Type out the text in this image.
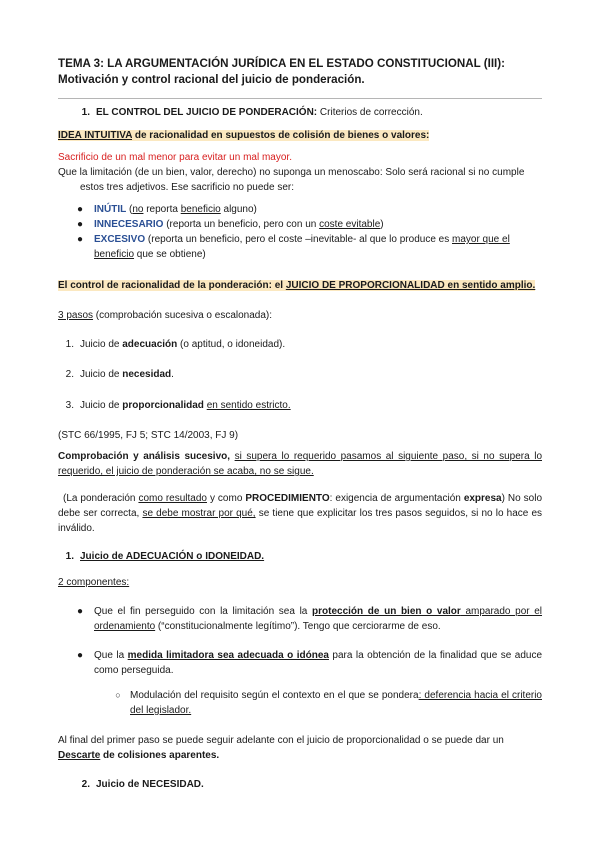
TEMA 3: LA ARGUMENTACIÓN JURÍDICA EN EL ESTADO CONSTITUCIONAL (III):
Motivación y control racional del juicio de ponderación.
1. EL CONTROL DEL JUICIO DE PONDERACIÓN: Criterios de corrección.
IDEA INTUITIVA de racionalidad en supuestos de colisión de bienes o valores:
Sacrificio de un mal menor para evitar un mal mayor.
Que la limitación (de un bien, valor, derecho) no suponga un menoscabo: Solo será racional si no cumple estos tres adjetivos. Ese sacrificio no puede ser:
● INÚTIL (no reporta beneficio alguno)
● INNECESARIO (reporta un beneficio, pero con un coste evitable)
● EXCESIVO (reporta un beneficio, pero el coste –inevitable- al que lo produce es mayor que el beneficio que se obtiene)
El control de racionalidad de la ponderación: el JUICIO DE PROPORCIONALIDAD en sentido amplio.
3 pasos (comprobación sucesiva o escalonada):
1. Juicio de adecuación (o aptitud, o idoneidad).
2. Juicio de necesidad.
3. Juicio de proporcionalidad en sentido estricto.
(STC 66/1995, FJ 5; STC 14/2003, FJ 9)
Comprobación y análisis sucesivo, si supera lo requerido pasamos al siguiente paso, si no supera lo requerido, el juicio de ponderación se acaba, no se sigue.
(La ponderación como resultado y como PROCEDIMIENTO: exigencia de argumentación expresa) No solo debe ser correcta, se debe mostrar por qué, se tiene que explicitar los tres pasos seguidos, si no lo hace es inválido.
1. Juicio de ADECUACIÓN o IDONEIDAD.
2 componentes:
● Que el fin perseguido con la limitación sea la protección de un bien o valor amparado por el ordenamiento (“constitucionalmente legítimo”). Tengo que cerciorarme de eso.
● Que la medida limitadora sea adecuada o idónea para la obtención de la finalidad que se aduce como perseguida.
○ Modulación del requisito según el contexto en el que se pondera: deferencia hacia el criterio del legislador.
Al final del primer paso se puede seguir adelante con el juicio de proporcionalidad o se puede dar un Descarte de colisiones aparentes.
2. Juicio de NECESIDAD.
